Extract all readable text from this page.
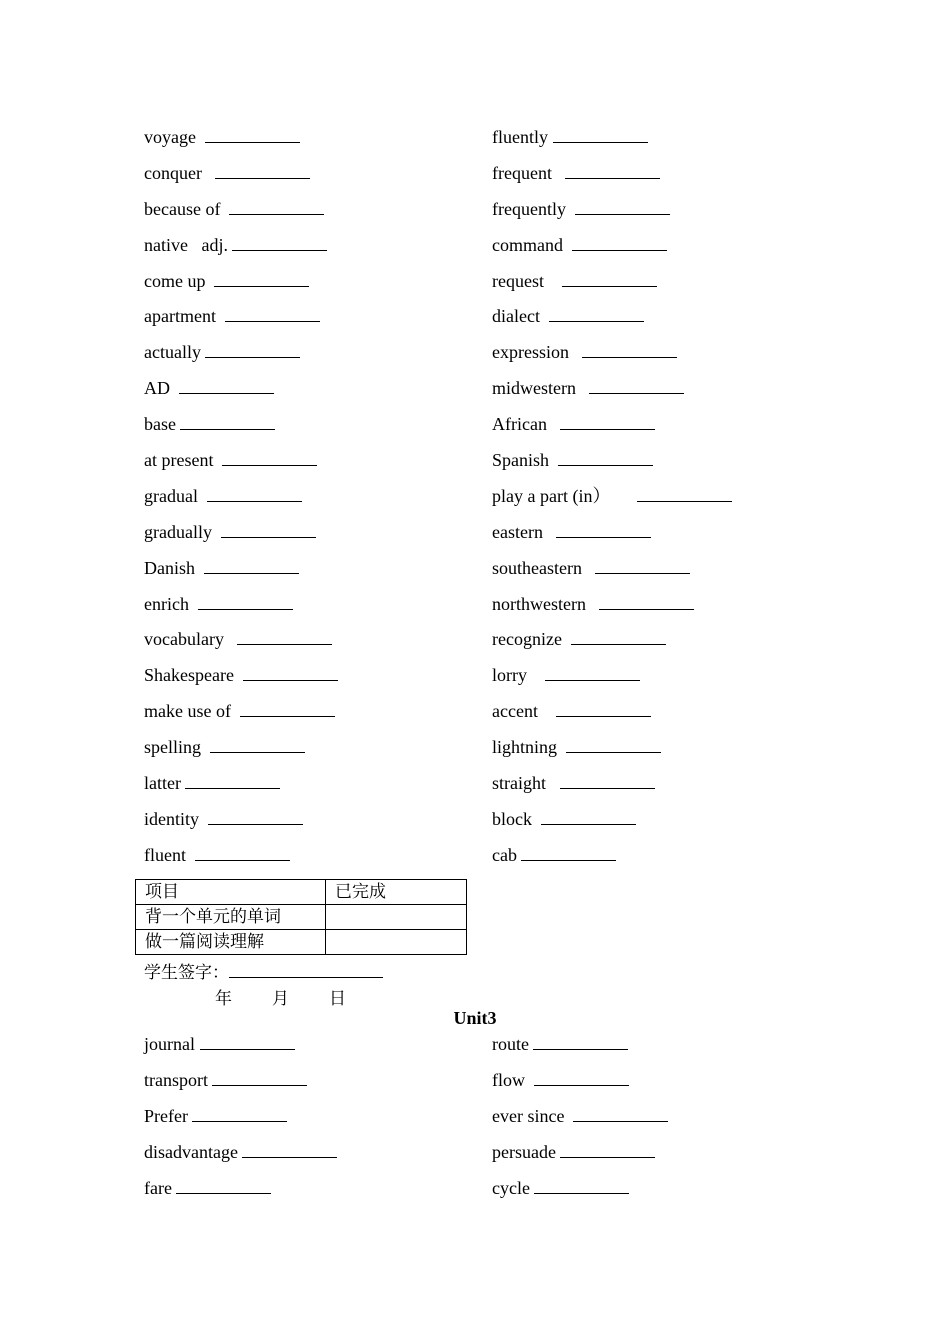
voyage
conquer
because of
native   adj.
come up
apartment
actually
AD
base
at present
gradual
gradually
Danish
enrich
vocabulary
Shakespeare
make use of
spelling
latter
identity
fluent
fluently
frequent
frequently
command
request
dialect
expression
midwestern
African
Spanish
play a part (in）
eastern
southeastern
northwestern
recognize
lorry
accent
lightning
straight
block
cab
项目	已完成
背一个单元的单词	
做一篇阅读理解	
学生签字：
年 月 日
Unit3
journal
transport
Prefer
disadvantage
fare
route
flow
ever since
persuade
cycle
